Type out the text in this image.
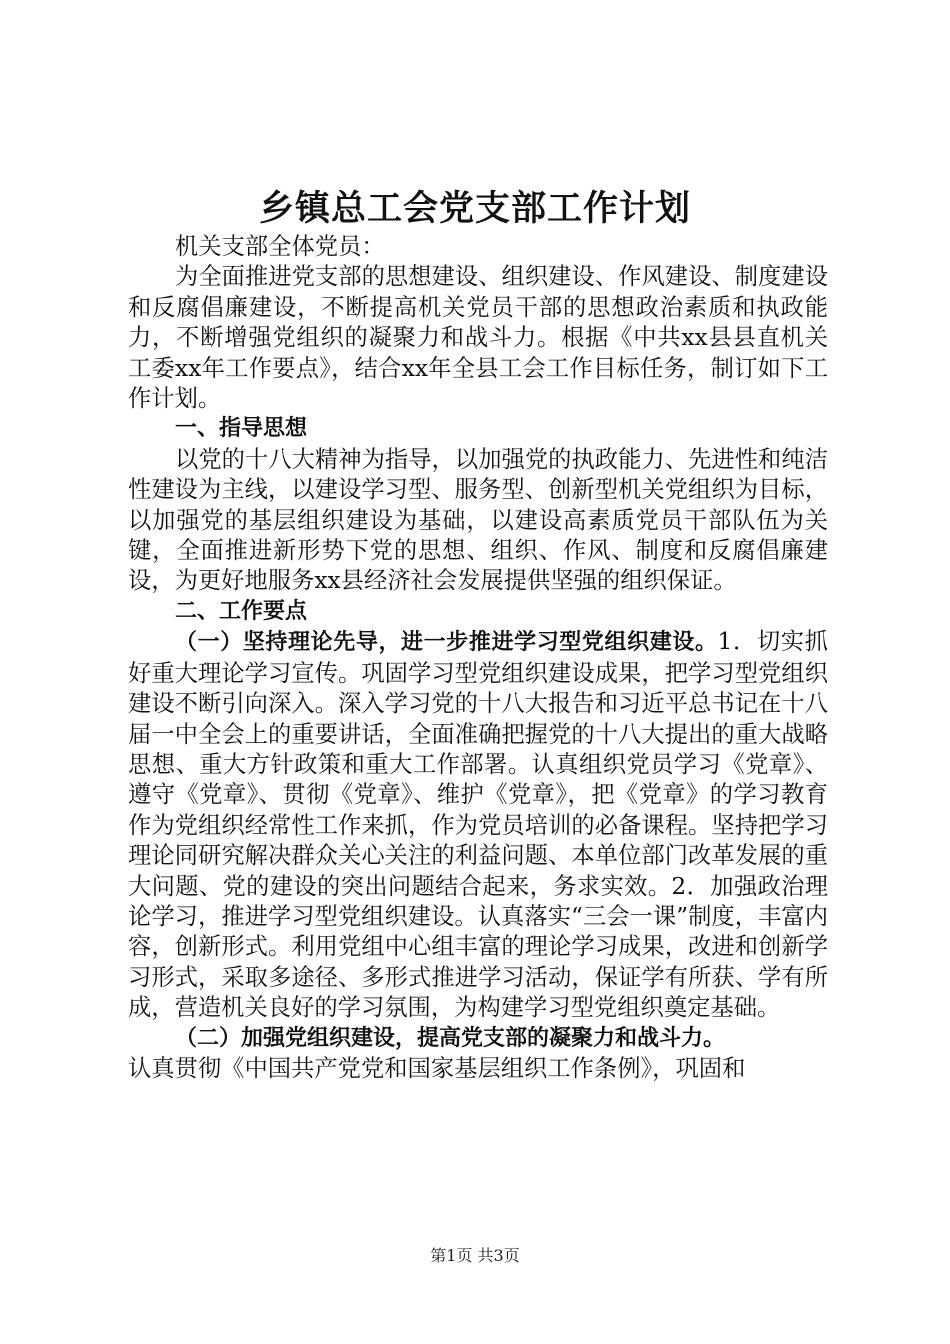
乡镇总工会党支部工作计划

机关支部全体党员：

为全面推进党支部的思想建设、组织建设、作风建设、制度建设和反腐倡廉建设，不断提高机关党员干部的思想政治素质和执政能力，不断增强党组织的凝聚力和战斗力。根据《中共xx县县直机关工委xx年工作要点》，结合xx年全县工会工作目标任务，制订如下工作计划。

一、指导思想

以党的十八大精神为指导，以加强党的执政能力、先进性和纯洁性建设为主线，以建设学习型、服务型、创新型机关党组织为目标，以加强党的基层组织建设为基础，以建设高素质党员干部队伍为关键，全面推进新形势下党的思想、组织、作风、制度和反腐倡廉建设，为更好地服务xx县经济社会发展提供坚强的组织保证。

二、工作要点

（一）坚持理论先导，进一步推进学习型党组织建设。1．切实抓好重大理论学习宣传。巩固学习型党组织建设成果，把学习型党组织建设不断引向深入。深入学习党的十八大报告和习近平总书记在十八届一中全会上的重要讲话，全面准确把握党的十八大提出的重大战略思想、重大方针政策和重大工作部署。认真组织党员学习《党章》、遵守《党章》、贯彻《党章》、维护《党章》，把《党章》的学习教育作为党组织经常性工作来抓，作为党员培训的必备课程。坚持把学习理论同研究解决群众关心关注的利益问题、本单位部门改革发展的重大问题、党的建设的突出问题结合起来，务求实效。2．加强政治理论学习，推进学习型党组织建设。认真落实“三会一课”制度，丰富内容，创新形式。利用党组中心组丰富的理论学习成果，改进和创新学习形式，采取多途径、多形式推进学习活动，保证学有所获、学有所成，营造机关良好的学习氛围，为构建学习型党组织奠定基础。

（二）加强党组织建设，提高党支部的凝聚力和战斗力。

认真贯彻《中国共产党党和国家基层组织工作条例》，巩固和

第1页 共3页
